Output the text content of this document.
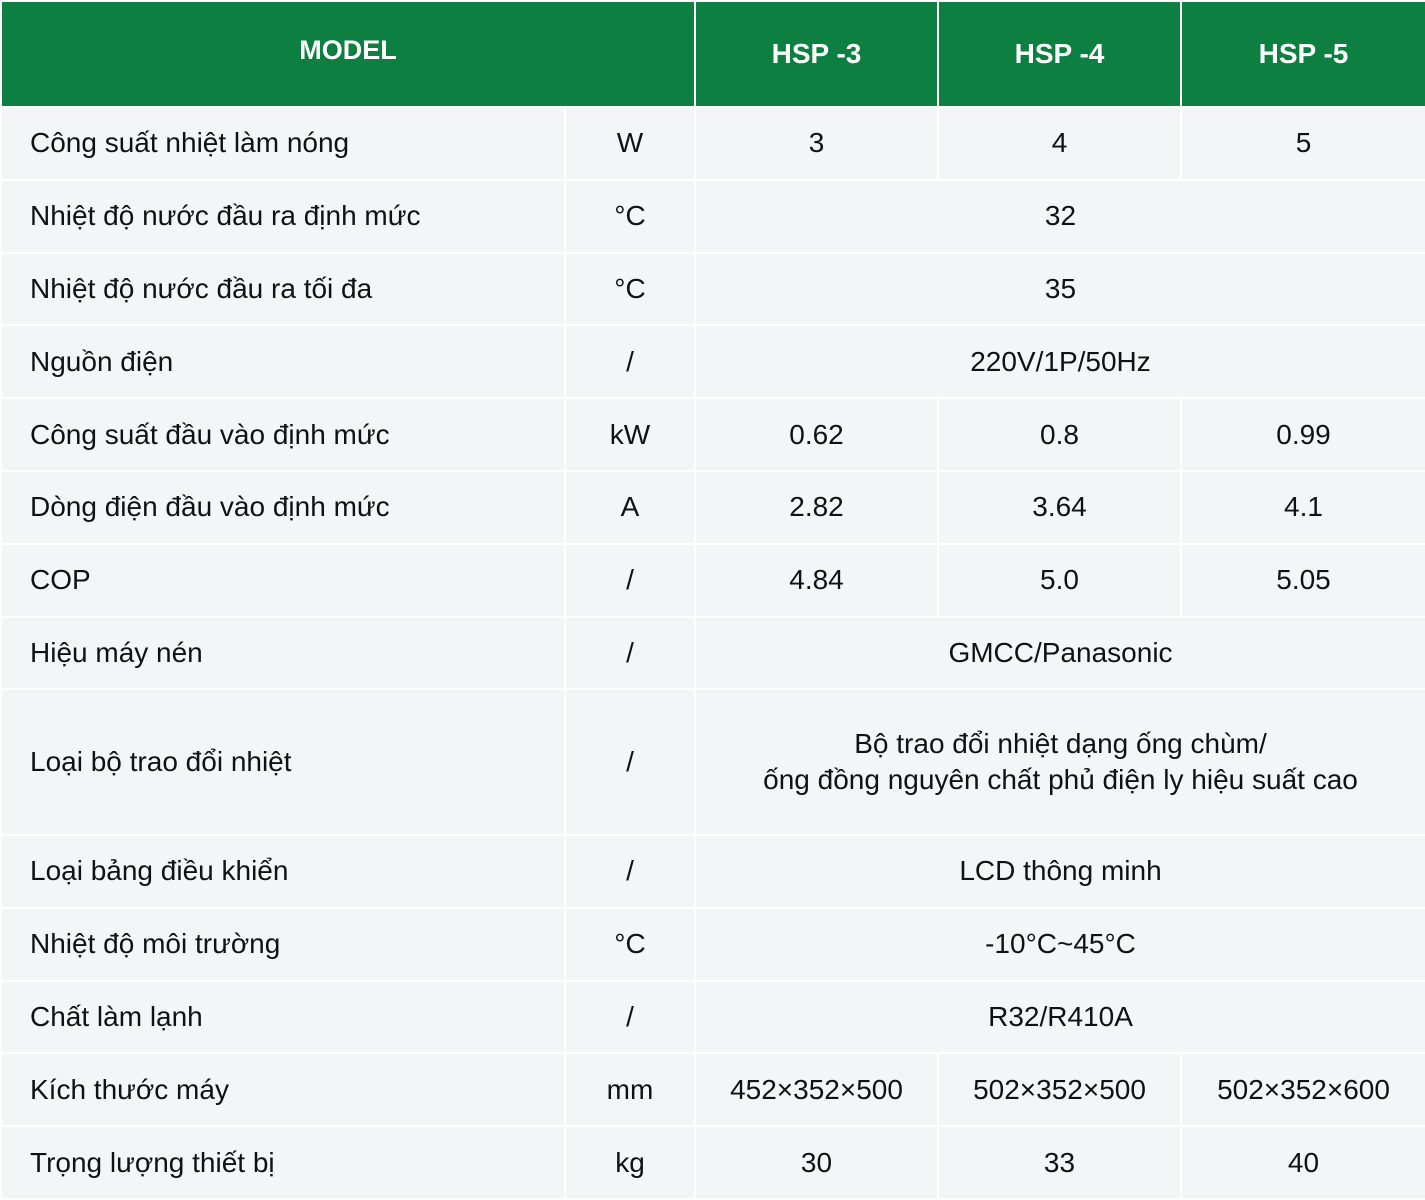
MODEL		HSP -3	HSP -4	HSP -5
Công suất nhiệt làm nóng	W	3	4	5
Nhiệt độ nước đầu ra định mức	°C	32		
Nhiệt độ nước đầu ra tối đa	°C	35		
Nguồn điện	/	220V/1P/50Hz		
Công suất đầu vào định mức	kW	0.62	0.8	0.99
Dòng điện đầu vào định mức	A	2.82	3.64	4.1
COP	/	4.84	5.0	5.05
Hiệu máy nén	/	GMCC/Panasonic		
Loại bộ trao đổi nhiệt	/	Bộ trao đổi nhiệt dạng ống chùm/
ống đồng nguyên chất phủ điện ly hiệu suất cao		

Loại bảng điều khiển	/	LCD thông minh		
Nhiệt độ môi trường	°C	-10°C~45°C		
Chất làm lạnh	/	R32/R410A		
Kích thước máy	mm	452×352×500	502×352×500	502×352×600
Trọng lượng thiết bị	kg	30	33	40
